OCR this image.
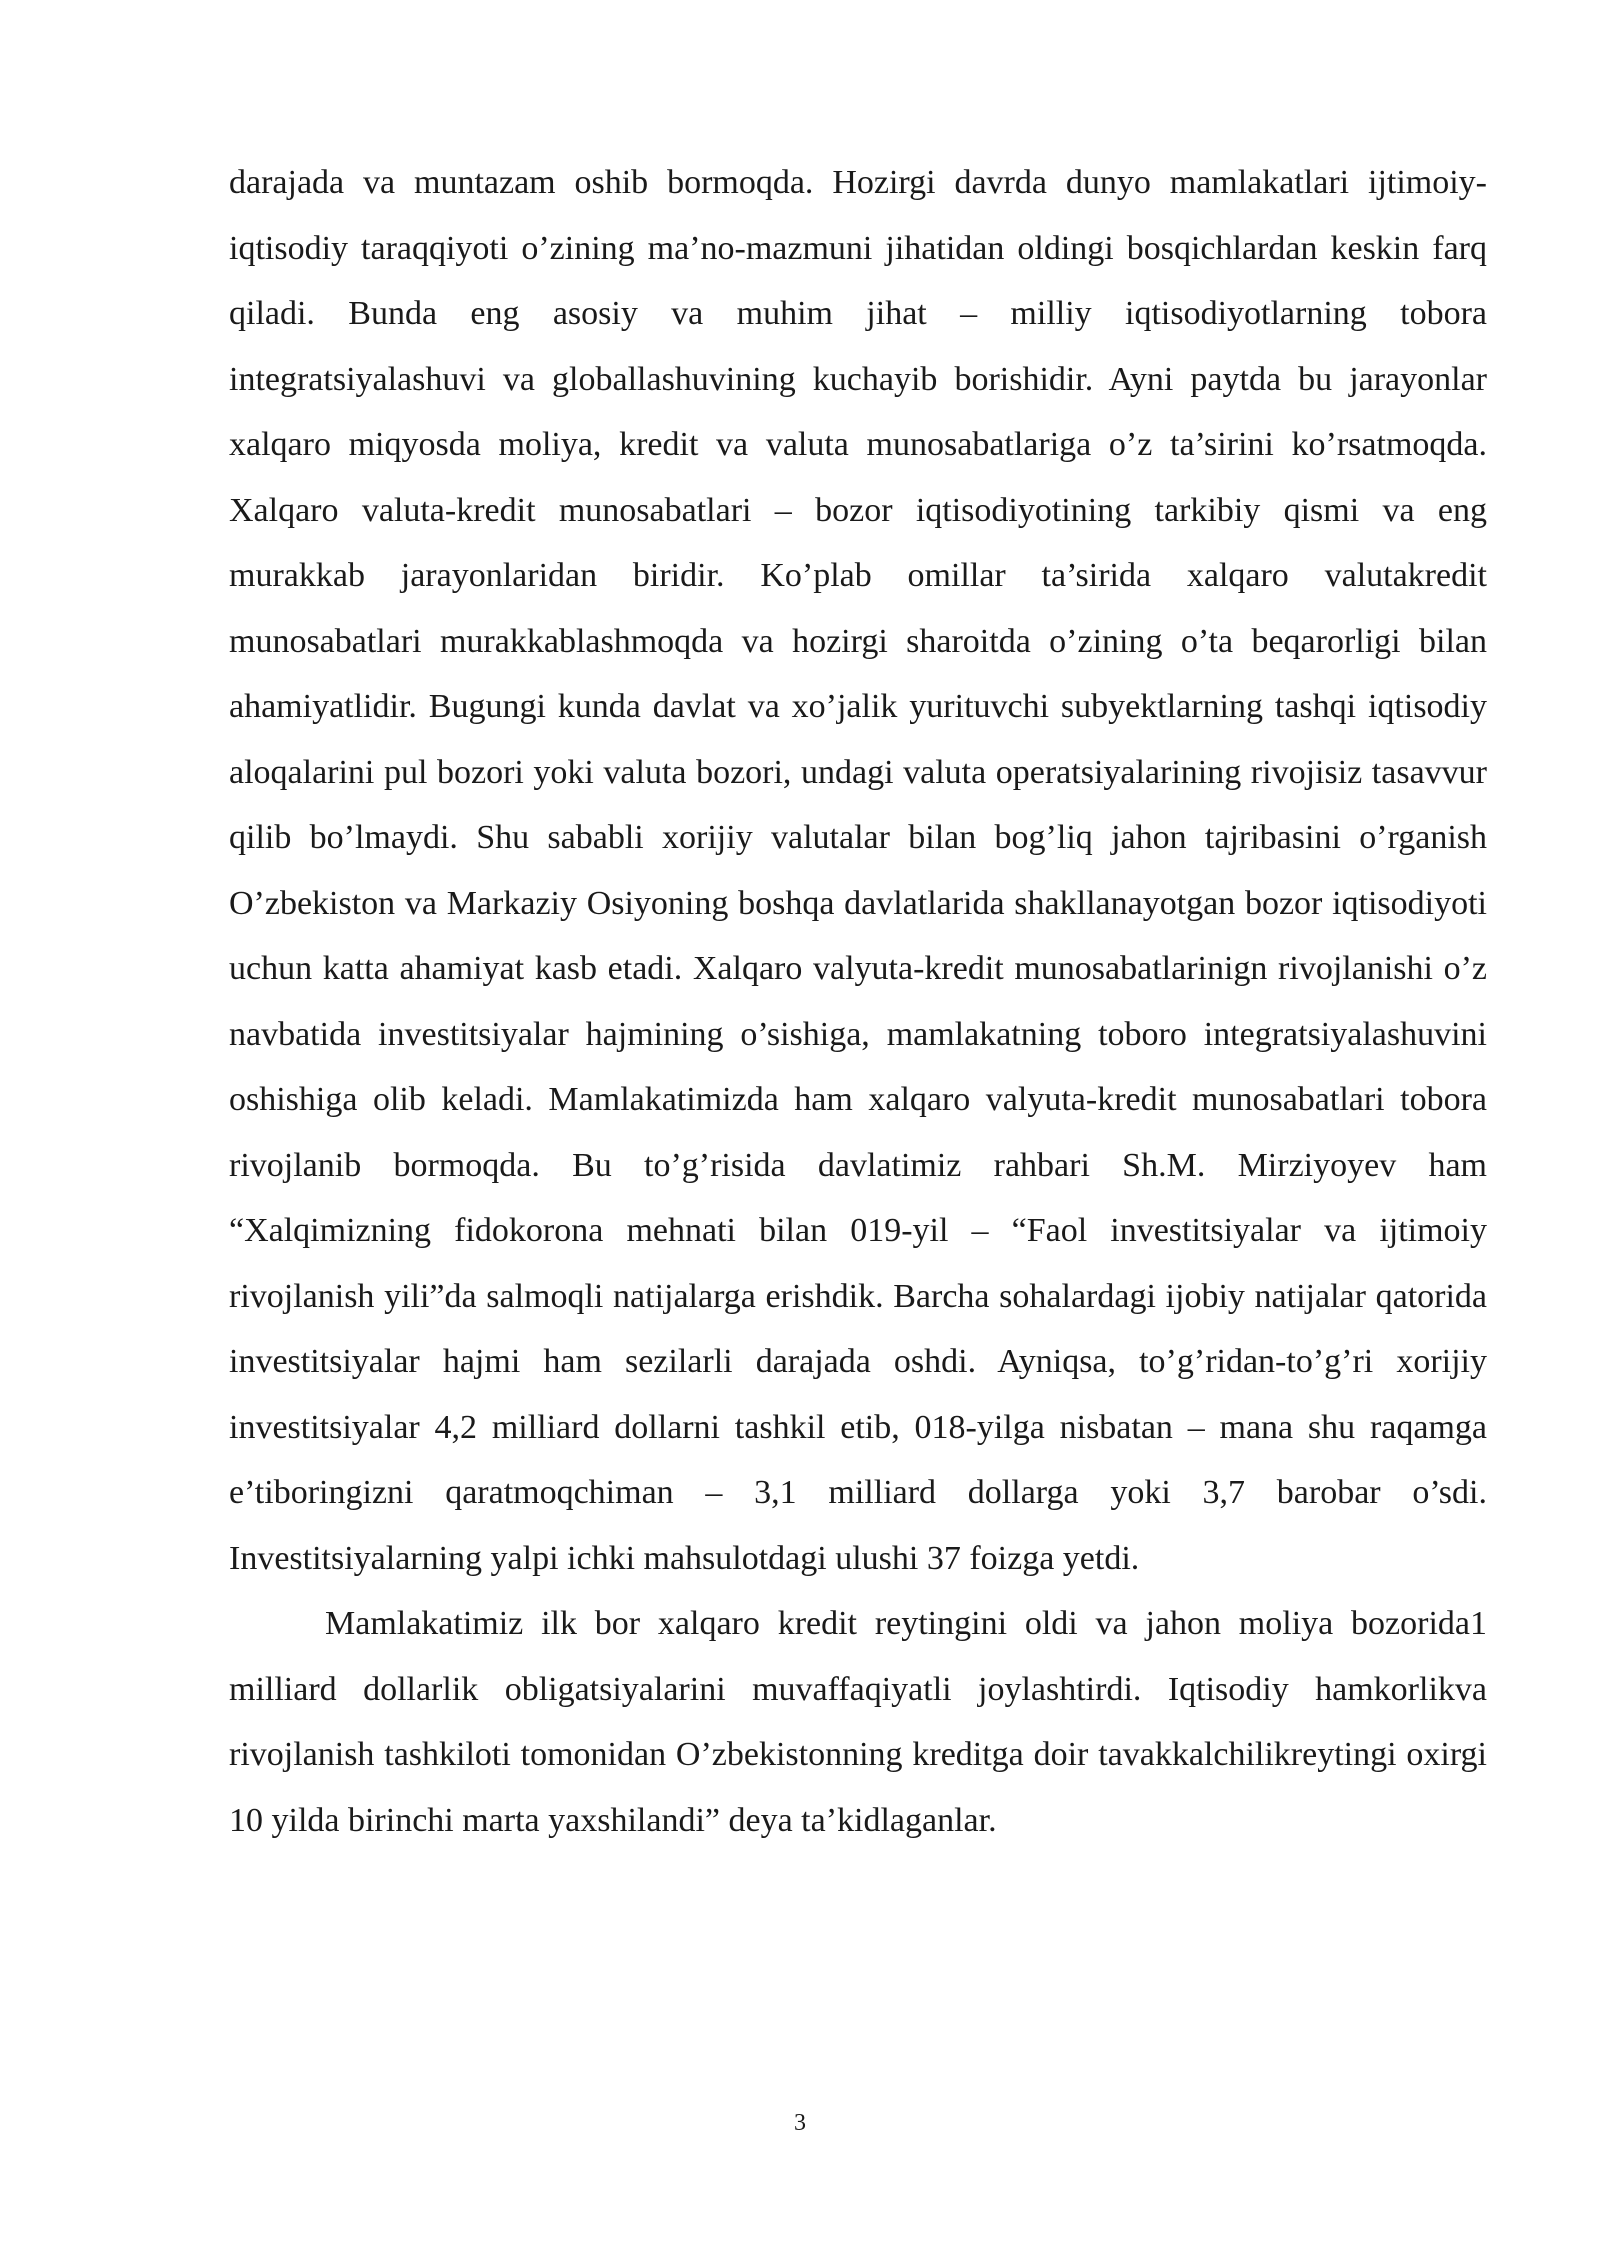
darajada va muntazam oshib bormoqda. Hozirgi davrda dunyo mamlakatlari ijtimoiy-iqtisodiy taraqqiyoti o’zining ma’no-mazmuni jihatidan oldingi bosqichlardan keskin farq qiladi. Bunda eng asosiy va muhim jihat – milliy iqtisodiyotlarning tobora integratsiyalashuvi va globallashuvining kuchayib borishidir. Ayni paytda bu jarayonlar xalqaro miqyosda moliya, kredit va valuta munosabatlariga o’z ta’sirini ko’rsatmoqda. Xalqaro valuta-kredit munosabatlari – bozor iqtisodiyotining tarkibiy qismi va eng murakkab jarayonlaridan biridir. Ko’plab omillar ta’sirida xalqaro valutakredit munosabatlari murakkablashmoqda va hozirgi sharoitda o’zining o’ta beqarorligi bilan ahamiyatlidir. Bugungi kunda davlat va xo’jalik yurituvchi subyektlarning tashqi iqtisodiy aloqalarini pul bozori yoki valuta bozori, undagi valuta operatsiyalarining rivojisiz tasavvur qilib bo’lmaydi. Shu sababli xorijiy valutalar bilan bog’liq jahon tajribasini o’rganish O’zbekiston va Markaziy Osiyoning boshqa davlatlarida shakllanayotgan bozor iqtisodiyoti uchun katta ahamiyat kasb etadi. Xalqaro valyuta-kredit munosabatlarinign rivojlanishi o’z navbatida investitsiyalar hajmining o’sishiga, mamlakatning toboro integratsiyalashuvini oshishiga olib keladi. Mamlakatimizda ham xalqaro valyuta-kredit munosabatlari tobora rivojlanib bormoqda. Bu to’g’risida davlatimiz rahbari Sh.M. Mirziyoyev ham “Xalqimizning fidokorona mehnati bilan 019-yil – “Faol investitsiyalar va ijtimoiy rivojlanish yili”da salmoqli natijalarga erishdik. Barcha sohalardagi ijobiy natijalar qatorida investitsiyalar hajmi ham sezilarli darajada oshdi. Ayniqsa, to’g’ridan-to’g’ri xorijiy investitsiyalar 4,2 milliard dollarni tashkil etib, 018-yilga nisbatan – mana shu raqamga e’tiboringizni qaratmoqchiman – 3,1 milliard dollarga yoki 3,7 barobar o’sdi. Investitsiyalarning yalpi ichki mahsulotdagi ulushi 37 foizga yetdi.

Mamlakatimiz ilk bor xalqaro kredit reytingini oldi va jahon moliya bozorida1 milliard dollarlik obligatsiyalarini muvaffaqiyatli joylashtirdi. Iqtisodiy hamkorlikva rivojlanish tashkiloti tomonidan O’zbekistonning kreditga doir tavakkalchilikreytingi oxirgi 10 yilda birinchi marta yaxshilandi” deya ta’kidlaganlar.

3
